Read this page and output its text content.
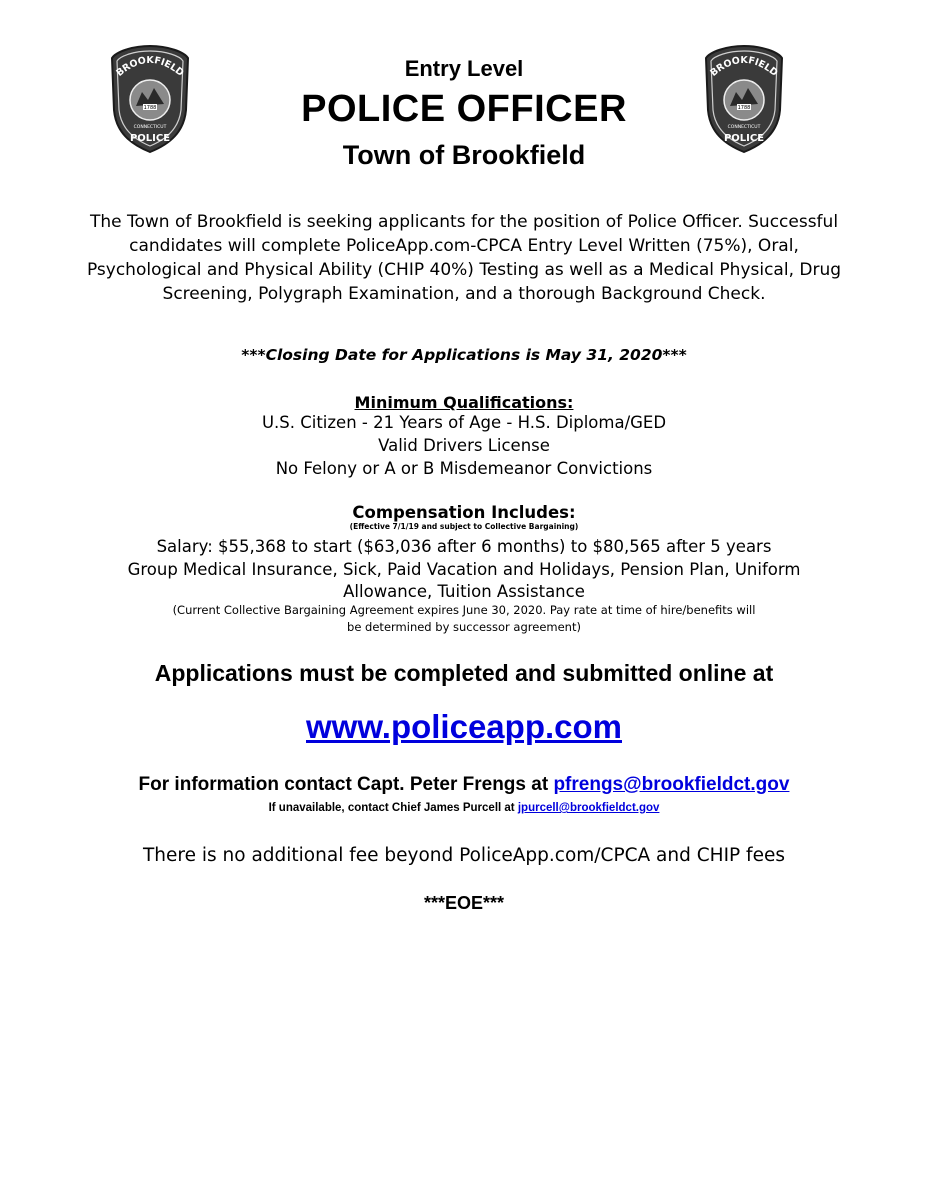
BROOKFIELD
1788
CONNECTICUT
POLICE
BROOKFIELD
1788
CONNECTICUT
POLICE
Entry Level
POLICE OFFICER
Town of Brookfield
The Town of Brookfield is seeking applicants for the position of Police Officer. Successful candidates will complete PoliceApp.com-CPCA Entry Level Written (75%), Oral, Psychological and Physical Ability (CHIP 40%) Testing as well as a Medical Physical, Drug Screening, Polygraph Examination, and a thorough Background Check.
***Closing Date for Applications is May 31, 2020***
Minimum Qualifications:
U.S. Citizen - 21 Years of Age - H.S. Diploma/GED
Valid Drivers License
No Felony or A or B Misdemeanor Convictions
Compensation Includes:
(Effective 7/1/19 and subject to Collective Bargaining)
Salary: $55,368 to start ($63,036 after 6 months) to $80,565 after 5 years
Group Medical Insurance, Sick, Paid Vacation and Holidays, Pension Plan, Uniform Allowance, Tuition Assistance
(Current Collective Bargaining Agreement expires June 30, 2020. Pay rate at time of hire/benefits will be determined by successor agreement)
Applications must be completed and submitted online at
www.policeapp.com
For information contact Capt. Peter Frengs at pfrengs@brookfieldct.gov
If unavailable, contact Chief James Purcell at jpurcell@brookfieldct.gov
There is no additional fee beyond PoliceApp.com/CPCA and CHIP fees
***EOE***
